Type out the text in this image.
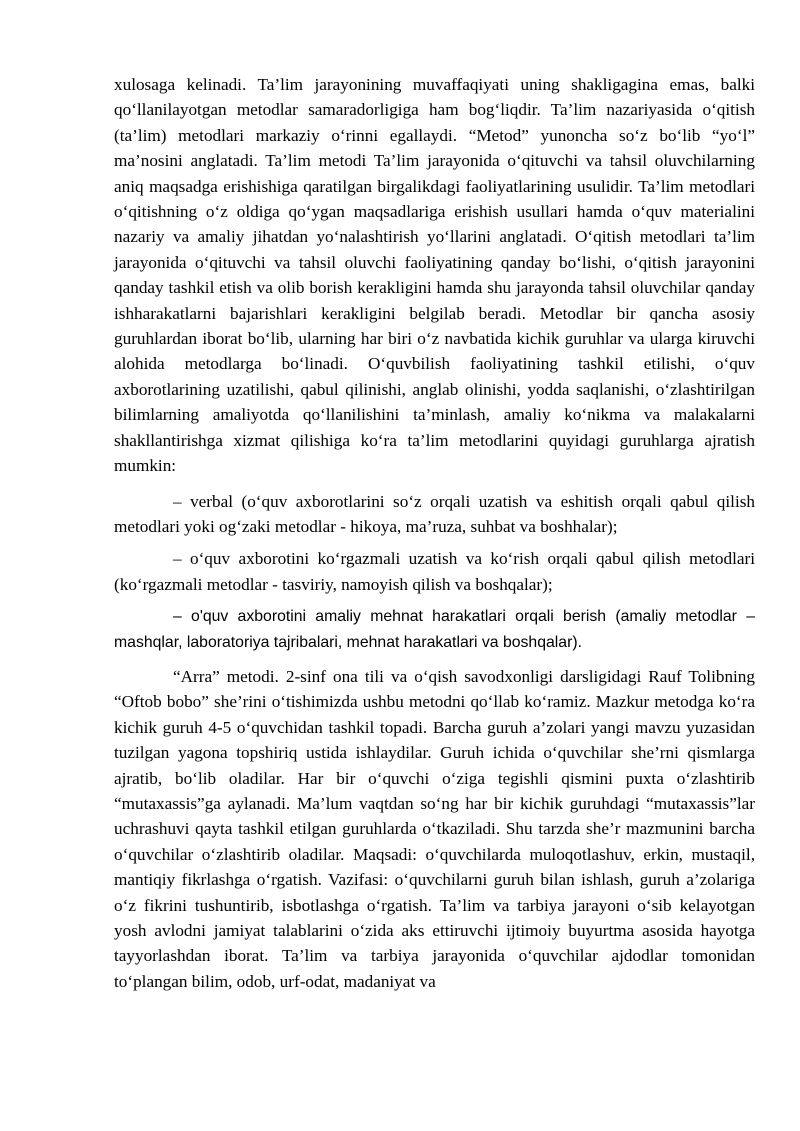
xulosaga kelinadi. Ta’lim jarayonining muvaffaqiyati uning shakligagina emas, balki qo‘llanilayotgan metodlar samaradorligiga ham bog‘liqdir. Ta’lim nazariyasida o‘qitish (ta’lim) metodlari markaziy o‘rinni egallaydi. “Metod” yunoncha so‘z bo‘lib “yo‘l” ma’nosini anglatadi. Ta’lim metodi Ta’lim jarayonida o‘qituvchi va tahsil oluvchilarning aniq maqsadga erishishiga qaratilgan birgalikdagi faoliyatlarining usulidir. Ta’lim metodlari o‘qitishning o‘z oldiga qo‘ygan maqsadlariga erishish usullari hamda o‘quv materialini nazariy va amaliy jihatdan yo‘nalashtirish yo‘llarini anglatadi. O‘qitish metodlari ta’lim jarayonida o‘qituvchi va tahsil oluvchi faoliyatining qanday bo‘lishi, o‘qitish jarayonini qanday tashkil etish va olib borish kerakligini hamda shu jarayonda tahsil oluvchilar qanday ishharakatlarni bajarishlari kerakligini belgilab beradi. Metodlar bir qancha asosiy guruhlardan iborat bo‘lib, ularning har biri o‘z navbatida kichik guruhlar va ularga kiruvchi alohida metodlarga bo‘linadi. O‘quvbilish faoliyatining tashkil etilishi, o‘quv axborotlarining uzatilishi, qabul qilinishi, anglab olinishi, yodda saqlanishi, o‘zlashtirilgan bilimlarning amaliyotda qo‘llanilishini ta’minlash, amaliy ko‘nikma va malakalarni shakllantirishga xizmat qilishiga ko‘ra ta’lim metodlarini quyidagi guruhlarga ajratish mumkin:

– verbal (o‘quv axborotlarini so‘z orqali uzatish va eshitish orqali qabul qilish metodlari yoki og‘zaki metodlar - hikoya, ma’ruza, suhbat va boshhalar);

– o‘quv axborotini ko‘rgazmali uzatish va ko‘rish orqali qabul qilish metodlari (ko‘rgazmali metodlar - tasviriy, namoyish qilish va boshqalar);

– o'quv axborotini amaliy mehnat harakatlari orqali berish (amaliy metodlar – mashqlar, laboratoriya tajribalari, mehnat harakatlari va boshqalar).

“Arra” metodi. 2-sinf ona tili va o‘qish savodxonligi darsligidagi Rauf Tolibning “Oftob bobo” she’rini o‘tishimizda ushbu metodni qo‘llab ko‘ramiz. Mazkur metodga ko‘ra kichik guruh 4-5 o‘quvchidan tashkil topadi. Barcha guruh a’zolari yangi mavzu yuzasidan tuzilgan yagona topshiriq ustida ishlaydilar. Guruh ichida o‘quvchilar she’rni qismlarga ajratib, bo‘lib oladilar. Har bir o‘quvchi o‘ziga tegishli qismini puxta o‘zlashtirib “mutaxassis”ga aylanadi. Ma’lum vaqtdan so‘ng har bir kichik guruhdagi “mutaxassis”lar uchrashuvi qayta tashkil etilgan guruhlarda o‘tkaziladi. Shu tarzda she’r mazmunini barcha o‘quvchilar o‘zlashtirib oladilar. Maqsadi: o‘quvchilarda muloqotlashuv, erkin, mustaqil, mantiqiy fikrlashga o‘rgatish. Vazifasi: o‘quvchilarni guruh bilan ishlash, guruh a’zolariga o‘z fikrini tushuntirib, isbotlashga o‘rgatish. Ta’lim va tarbiya jarayoni o‘sib kelayotgan yosh avlodni jamiyat talablarini o‘zida aks ettiruvchi ijtimoiy buyurtma asosida hayotga tayyorlashdan iborat. Ta’lim va tarbiya jarayonida o‘quvchilar ajdodlar tomonidan to‘plangan bilim, odob, urf-odat, madaniyat va
